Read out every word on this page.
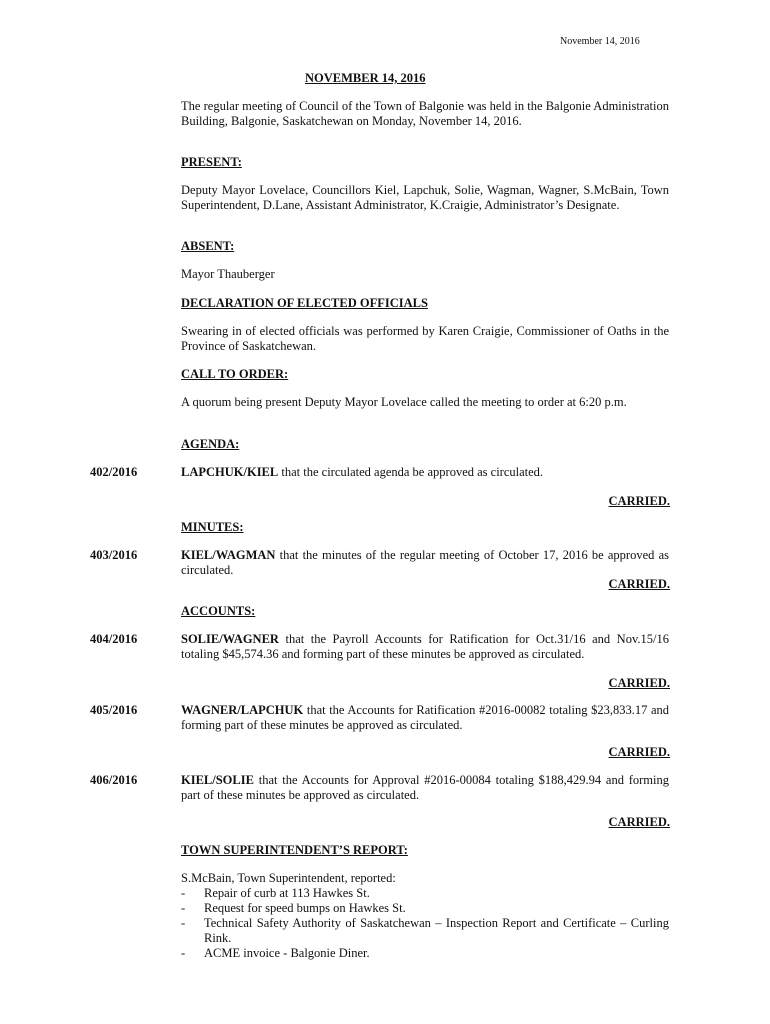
November 14, 2016
NOVEMBER 14, 2016
The regular meeting of Council of the Town of Balgonie was held in the Balgonie Administration Building, Balgonie, Saskatchewan on Monday, November 14, 2016.
PRESENT:
Deputy Mayor Lovelace, Councillors Kiel, Lapchuk, Solie, Wagman, Wagner, S.McBain, Town Superintendent, D.Lane, Assistant Administrator, K.Craigie, Administrator’s Designate.
ABSENT:
Mayor Thauberger
DECLARATION OF ELECTED OFFICIALS
Swearing in of elected officials was performed by Karen Craigie, Commissioner of Oaths in the Province of Saskatchewan.
CALL TO ORDER:
A quorum being present Deputy Mayor Lovelace called the meeting to order at 6:20 p.m.
AGENDA:
402/2016	LAPCHUK/KIEL that the circulated agenda be approved as circulated.
CARRIED.
MINUTES:
403/2016	KIEL/WAGMAN that the minutes of the regular meeting of October 17, 2016 be approved as circulated.
CARRIED.
ACCOUNTS:
404/2016	SOLIE/WAGNER that the Payroll Accounts for Ratification for Oct.31/16 and Nov.15/16 totaling $45,574.36 and forming part of these minutes be approved as circulated.
CARRIED.
405/2016	WAGNER/LAPCHUK that the Accounts for Ratification #2016-00082 totaling $23,833.17 and forming part of these minutes be approved as circulated.
CARRIED.
406/2016	KIEL/SOLIE that the Accounts for Approval #2016-00084 totaling $188,429.94 and forming part of these minutes be approved as circulated.
CARRIED.
TOWN SUPERINTENDENT’S REPORT:
S.McBain, Town Superintendent, reported:
- Repair of curb at 113 Hawkes St.
- Request for speed bumps on Hawkes St.
- Technical Safety Authority of Saskatchewan – Inspection Report and Certificate – Curling Rink.
- ACME invoice - Balgonie Diner.
